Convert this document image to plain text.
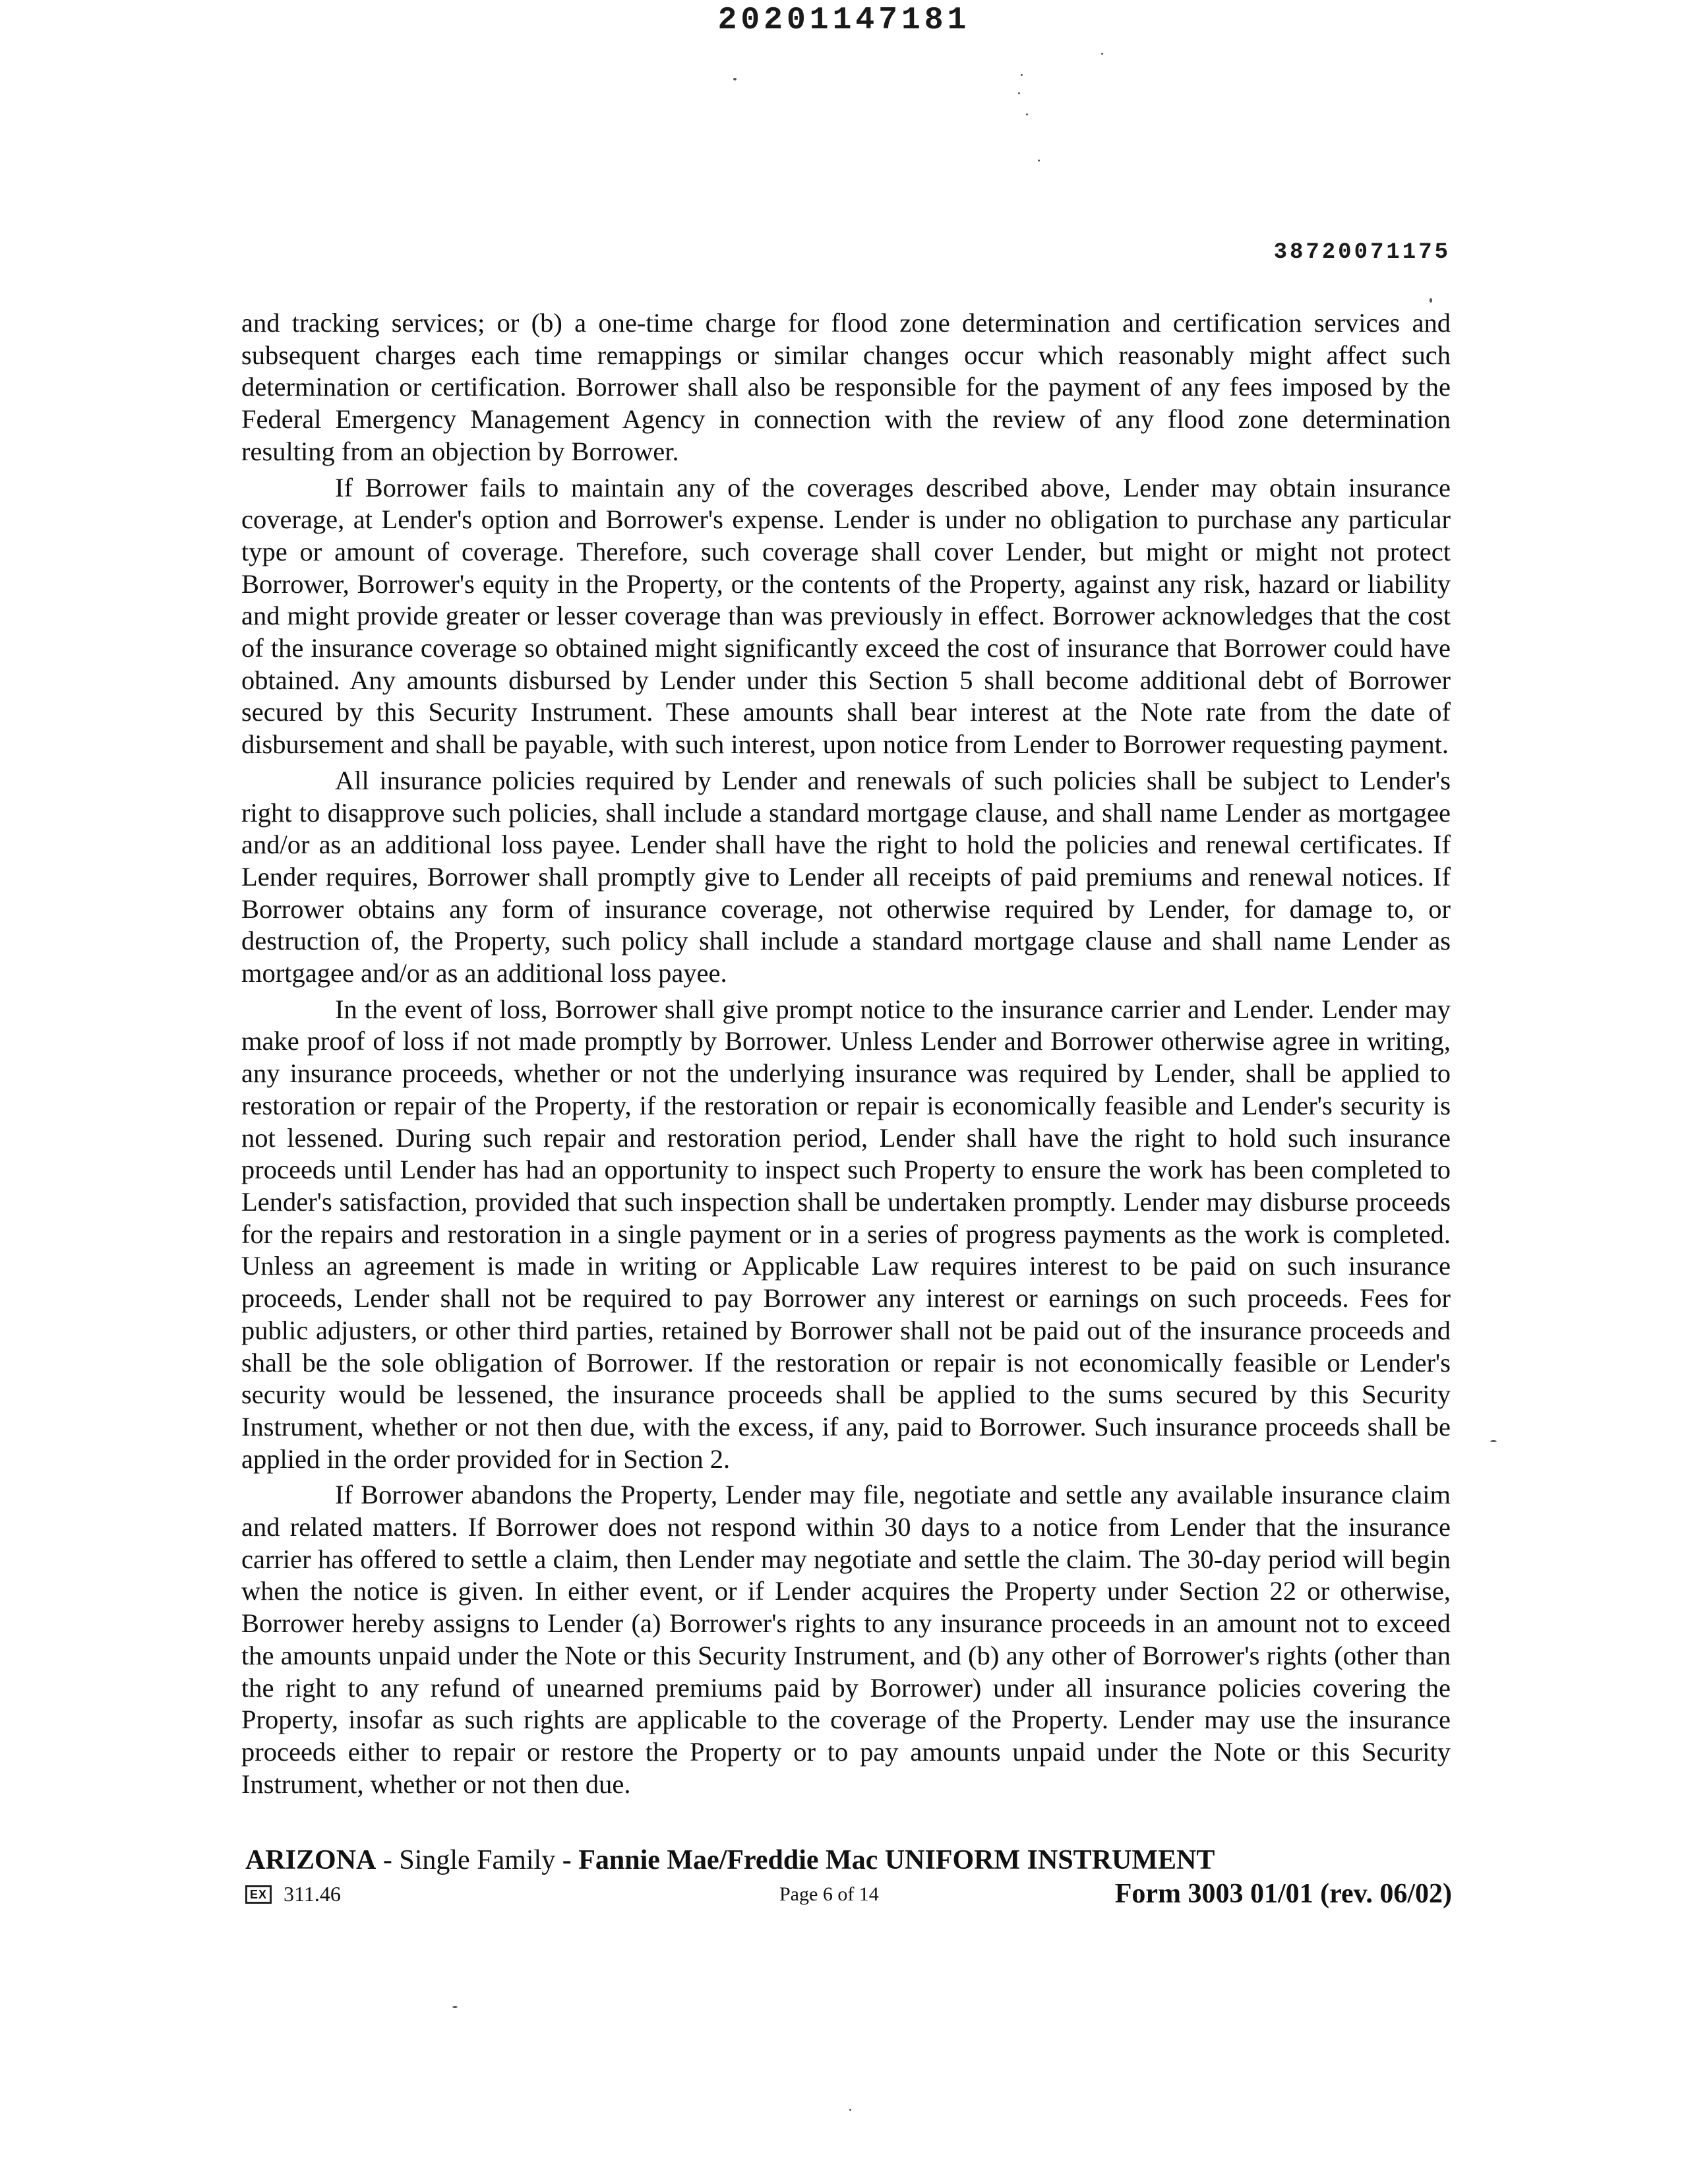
20201147181
38720071175

and tracking services; or (b) a one-time charge for flood zone determination and certification services and subsequent charges each time remappings or similar changes occur which reasonably might affect such determination or certification. Borrower shall also be responsible for the payment of any fees imposed by the Federal Emergency Management Agency in connection with the review of any flood zone determination resulting from an objection by Borrower.

If Borrower fails to maintain any of the coverages described above, Lender may obtain insurance coverage, at Lender's option and Borrower's expense. Lender is under no obligation to purchase any particular type or amount of coverage. Therefore, such coverage shall cover Lender, but might or might not protect Borrower, Borrower's equity in the Property, or the contents of the Property, against any risk, hazard or liability and might provide greater or lesser coverage than was previously in effect. Borrower acknowledges that the cost of the insurance coverage so obtained might significantly exceed the cost of insurance that Borrower could have obtained. Any amounts disbursed by Lender under this Section 5 shall become additional debt of Borrower secured by this Security Instrument. These amounts shall bear interest at the Note rate from the date of disbursement and shall be payable, with such interest, upon notice from Lender to Borrower requesting payment.

All insurance policies required by Lender and renewals of such policies shall be subject to Lender's right to disapprove such policies, shall include a standard mortgage clause, and shall name Lender as mortgagee and/or as an additional loss payee. Lender shall have the right to hold the policies and renewal certificates. If Lender requires, Borrower shall promptly give to Lender all receipts of paid premiums and renewal notices. If Borrower obtains any form of insurance coverage, not otherwise required by Lender, for damage to, or destruction of, the Property, such policy shall include a standard mortgage clause and shall name Lender as mortgagee and/or as an additional loss payee.

In the event of loss, Borrower shall give prompt notice to the insurance carrier and Lender. Lender may make proof of loss if not made promptly by Borrower. Unless Lender and Borrower otherwise agree in writing, any insurance proceeds, whether or not the underlying insurance was required by Lender, shall be applied to restoration or repair of the Property, if the restoration or repair is economically feasible and Lender's security is not lessened. During such repair and restoration period, Lender shall have the right to hold such insurance proceeds until Lender has had an opportunity to inspect such Property to ensure the work has been completed to Lender's satisfaction, provided that such inspection shall be undertaken promptly. Lender may disburse proceeds for the repairs and restoration in a single payment or in a series of progress payments as the work is completed. Unless an agreement is made in writing or Applicable Law requires interest to be paid on such insurance proceeds, Lender shall not be required to pay Borrower any interest or earnings on such proceeds. Fees for public adjusters, or other third parties, retained by Borrower shall not be paid out of the insurance proceeds and shall be the sole obligation of Borrower. If the restoration or repair is not economically feasible or Lender's security would be lessened, the insurance proceeds shall be applied to the sums secured by this Security Instrument, whether or not then due, with the excess, if any, paid to Borrower. Such insurance proceeds shall be applied in the order provided for in Section 2.

If Borrower abandons the Property, Lender may file, negotiate and settle any available insurance claim and related matters. If Borrower does not respond within 30 days to a notice from Lender that the insurance carrier has offered to settle a claim, then Lender may negotiate and settle the claim. The 30-day period will begin when the notice is given. In either event, or if Lender acquires the Property under Section 22 or otherwise, Borrower hereby assigns to Lender (a) Borrower's rights to any insurance proceeds in an amount not to exceed the amounts unpaid under the Note or this Security Instrument, and (b) any other of Borrower's rights (other than the right to any refund of unearned premiums paid by Borrower) under all insurance policies covering the Property, insofar as such rights are applicable to the coverage of the Property. Lender may use the insurance proceeds either to repair or restore the Property or to pay amounts unpaid under the Note or this Security Instrument, whether or not then due.

ARIZONA - Single Family - Fannie Mae/Freddie Mac UNIFORM INSTRUMENT
EX 311.46	Page 6 of 14	Form 3003 01/01 (rev. 06/02)
